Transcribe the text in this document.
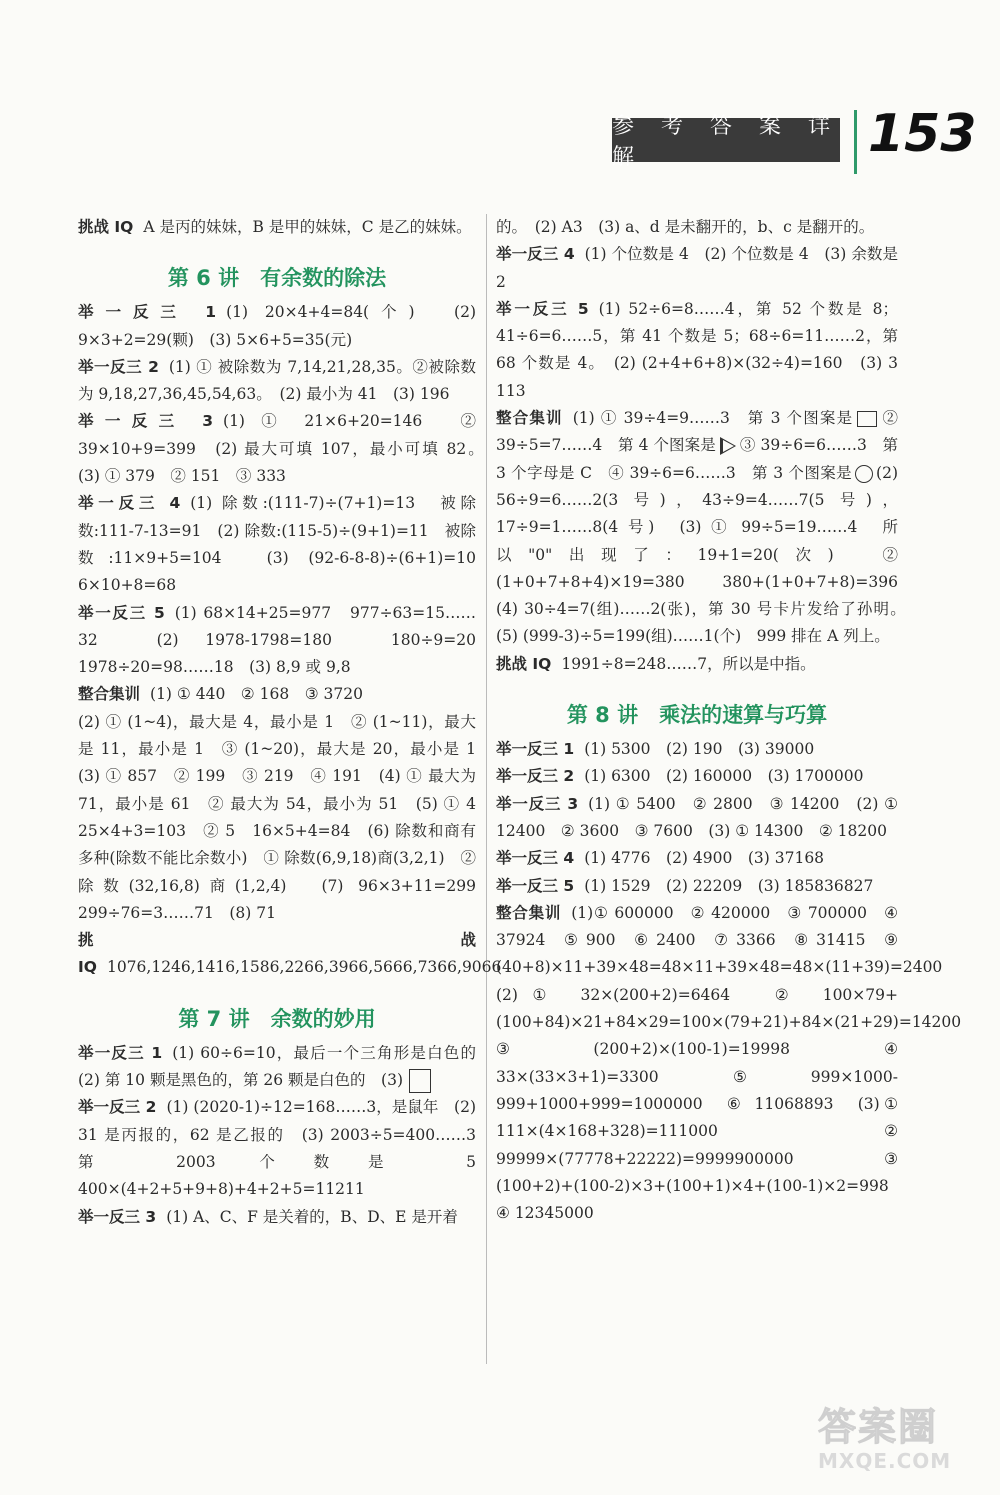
参 考 答 案 详 解	153

挑战 IQ A 是丙的妹妹，B 是甲的妹妹，C 是乙的妹妹。

第 6 讲　有余数的除法

举一反三 1 (1) 20×4+4=84(个)　(2) 9×3+2=29(颗)　(3) 5×6+5=35(元)

举一反三 2 (1) ① 被除数为 7,14,21,28,35。②被除数为 9,18,27,36,45,54,63。　(2) 最小为 41　(3) 196

举一反三 3 (1) ① 21×6+20=146　② 39×10+9=399　(2) 最大可填 107，最小可填 82。　(3) ① 379　② 151　③ 333

举一反三 4 (1) 除数:(111-7)÷(7+1)=13　被除数:111-7-13=91　(2) 除数:(115-5)÷(9+1)=11　被除数:11×9+5=104　(3) (92-6-8-8)÷(6+1)=10　6×10+8=68

举一反三 5 (1) 68×14+25=977　977÷63=15……32　(2) 1978-1798=180　180÷9=20　1978÷20=98……18　(3) 8,9 或 9,8

整合集训 (1) ① 440　② 168　③ 3720

(2) ① (1~4)，最大是 4，最小是 1　② (1~11)，最大是 11，最小是 1　③ (1~20)，最大是 20，最小是 1　(3) ① 857　② 199　③ 219　④ 191　(4) ① 最大为 71，最小是 61　② 最大为 54，最小为 51　(5) ① 4　25×4+3=103　② 5　16×5+4=84　(6) 除数和商有多种(除数不能比余数小)　① 除数(6,9,18)商(3,2,1)　② 除数(32,16,8)商(1,2,4)　(7) 96×3+11=299　299÷76=3……71　(8) 71

挑战 IQ 1076,1246,1416,1586,2266,3966,5666,7366,9066

第 7 讲　余数的妙用

举一反三 1 (1) 60÷6=10，最后一个三角形是白色的　(2) 第 10 颗是黑色的，第 26 颗是白色的　(3)

举一反三 2 (1) (2020-1)÷12=168……3，是鼠年　(2) 31 是丙报的，62 是乙报的　(3) 2003÷5=400……3　第 2003 个数是 5　400×(4+2+5+9+8)+4+2+5=11211

举一反三 3 (1) A、C、F 是关着的，B、D、E 是开着

的。　(2) A3　(3) a、d 是未翻开的，b、c 是翻开的。

举一反三 4 (1) 个位数是 4　(2) 个位数是 4　(3) 余数是 2

举一反三 5 (1) 52÷6=8……4，第 52 个数是 8；41÷6=6……5，第 41 个数是 5；68÷6=11……2，第 68 个数是 4。　(2) (2+4+6+8)×(32÷4)=160　(3) 3　113

整合集训 (1) ① 39÷4=9……3　第 3 个图案是 ② 39÷5=7……4　第 4 个图案是 ③ 39÷6=6……3　第 3 个字母是 C　④ 39÷6=6……3　第 3 个图案是 (2) 56÷9=6……2(3 号)，43÷9=4……7(5 号)，17÷9=1……8(4 号)　(3) ① 99÷5=19……4　所以"0"出现了：19+1=20(次)　② (1+0+7+8+4)×19=380　380+(1+0+7+8)=396　(4) 30÷4=7(组)……2(张)，第 30 号卡片发给了孙明。　(5) (999-3)÷5=199(组)……1(个)　999 排在 A 列上。

挑战 IQ 1991÷8=248……7，所以是中指。

第 8 讲　乘法的速算与巧算

举一反三 1 (1) 5300　(2) 190　(3) 39000

举一反三 2 (1) 6300　(2) 160000　(3) 1700000

举一反三 3 (1) ① 5400　② 2800　③ 14200　(2) ① 12400　② 3600　③ 7600　(3) ① 14300　② 18200

举一反三 4 (1) 4776　(2) 4900　(3) 37168

举一反三 5 (1) 1529　(2) 22209　(3) 185836827

整合集训 (1)① 600000　② 420000　③ 700000　④ 37924　⑤ 900　⑥ 2400　⑦ 3366　⑧ 31415　⑨ (40+8)×11+39×48=48×11+39×48=48×(11+39)=2400　(2)① 32×(200+2)=6464　② 100×79+(100+84)×21+84×29=100×(79+21)+84×(21+29)=14200　③ (200+2)×(100-1)=19998　④ 33×(33×3+1)=3300　⑤ 999×1000-999+1000+999=1000000　⑥ 11068893　(3)① 111×(4×168+328)=111000　② 99999×(77778+22222)=9999900000　③ (100+2)+(100-2)×3+(100+1)×4+(100-1)×2=998　④ 12345000

答案圈
MXQE.COM
